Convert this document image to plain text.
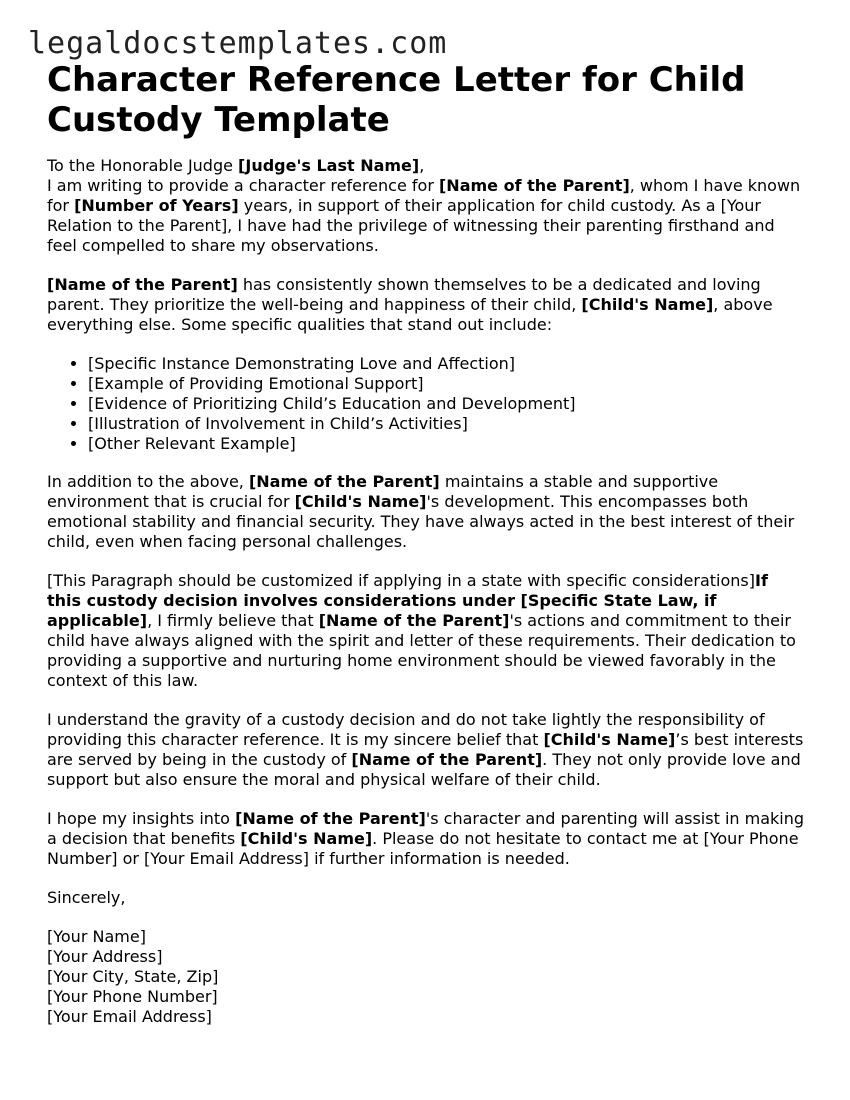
legaldocstemplates.com
Character Reference Letter for Child Custody Template

To the Honorable Judge [Judge's Last Name],

I am writing to provide a character reference for [Name of the Parent], whom I have known for [Number of Years] years, in support of their application for child custody. As a [Your Relation to the Parent], I have had the privilege of witnessing their parenting firsthand and feel compelled to share my observations.

[Name of the Parent] has consistently shown themselves to be a dedicated and loving parent. They prioritize the well-being and happiness of their child, [Child's Name], above everything else. Some specific qualities that stand out include:

• [Specific Instance Demonstrating Love and Affection]
• [Example of Providing Emotional Support]
• [Evidence of Prioritizing Child’s Education and Development]
• [Illustration of Involvement in Child’s Activities]
• [Other Relevant Example]

In addition to the above, [Name of the Parent] maintains a stable and supportive environment that is crucial for [Child's Name]'s development. This encompasses both emotional stability and financial security. They have always acted in the best interest of their child, even when facing personal challenges.

[This Paragraph should be customized if applying in a state with specific considerations]If this custody decision involves considerations under [Specific State Law, if applicable], I firmly believe that [Name of the Parent]'s actions and commitment to their child have always aligned with the spirit and letter of these requirements. Their dedication to providing a supportive and nurturing home environment should be viewed favorably in the context of this law.

I understand the gravity of a custody decision and do not take lightly the responsibility of providing this character reference. It is my sincere belief that [Child's Name]’s best interests are served by being in the custody of [Name of the Parent]. They not only provide love and support but also ensure the moral and physical welfare of their child.

I hope my insights into [Name of the Parent]'s character and parenting will assist in making a decision that benefits [Child's Name]. Please do not hesitate to contact me at [Your Phone Number] or [Your Email Address] if further information is needed.

Sincerely,

[Your Name]
[Your Address]
[Your City, State, Zip]
[Your Phone Number]
[Your Email Address]
